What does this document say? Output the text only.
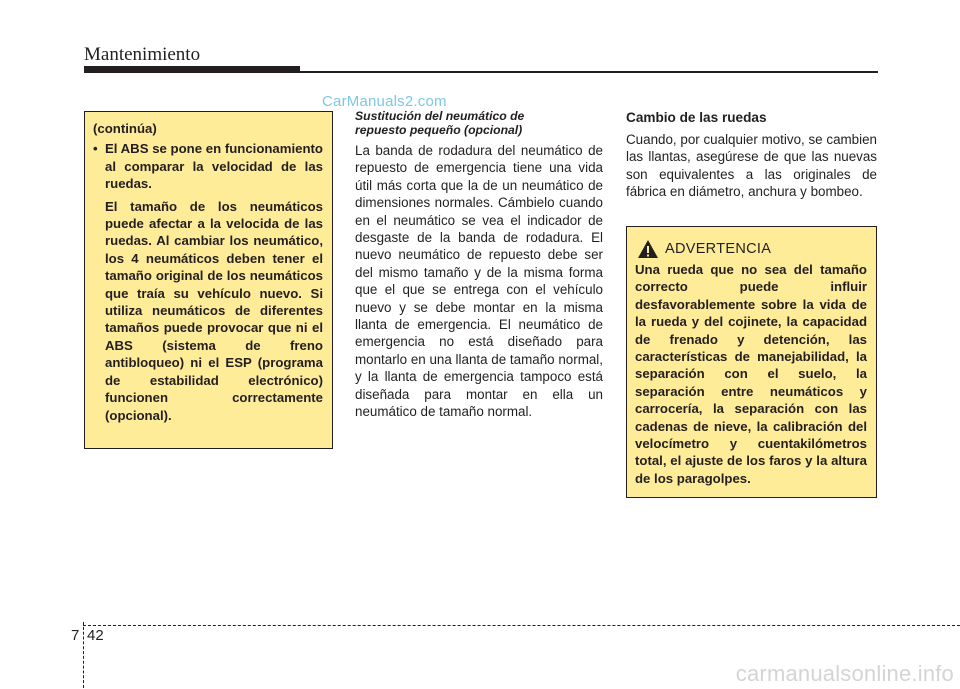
Mantenimiento
CarManuals2.com

(continúa)

• El ABS se pone en funcionamiento al comparar la velocidad de las ruedas.

El tamaño de los neumáticos puede afectar a la velocida de las ruedas. Al cambiar los neumático, los 4 neumáticos deben tener el tamaño original de los neumáticos que traía su vehículo nuevo. Si utiliza neumáticos de diferentes tamaños puede provocar que ni el ABS (sistema de freno antibloqueo) ni el ESP (programa de estabilidad electrónico) funcionen correctamente (opcional).

Sustitución del neumático de
repuesto pequeño (opcional)

La banda de rodadura del neumático de repuesto de emergencia tiene una vida útil más corta que la de un neumático de dimensiones normales. Cámbielo cuando en el neumático se vea el indicador de desgaste de la banda de rodadura. El nuevo neumático de repuesto debe ser del mismo tamaño y de la misma forma que el que se entrega con el vehículo nuevo y se debe montar en la misma llanta de emergencia. El neumático de emergencia no está diseñado para montarlo en una llanta de tamaño normal, y la llanta de emergencia tampoco está diseñada para montar en ella un neumático de tamaño normal.

Cambio de las ruedas

Cuando, por cualquier motivo, se cambien las llantas, asegúrese de que las nuevas son equivalentes a las originales de fábrica en diámetro, anchura y bombeo.

ADVERTENCIA

Una rueda que no sea del tamaño correcto puede influir desfavorablemente sobre la vida de la rueda y del cojinete, la capacidad de frenado y detención, las características de manejabilidad, la separación con el suelo, la separación entre neumáticos y carrocería, la separación con las cadenas de nieve, la calibración del velocímetro y cuentakilómetros total, el ajuste de los faros y la altura de los paragolpes.

7 42
carmanualsonline.info
